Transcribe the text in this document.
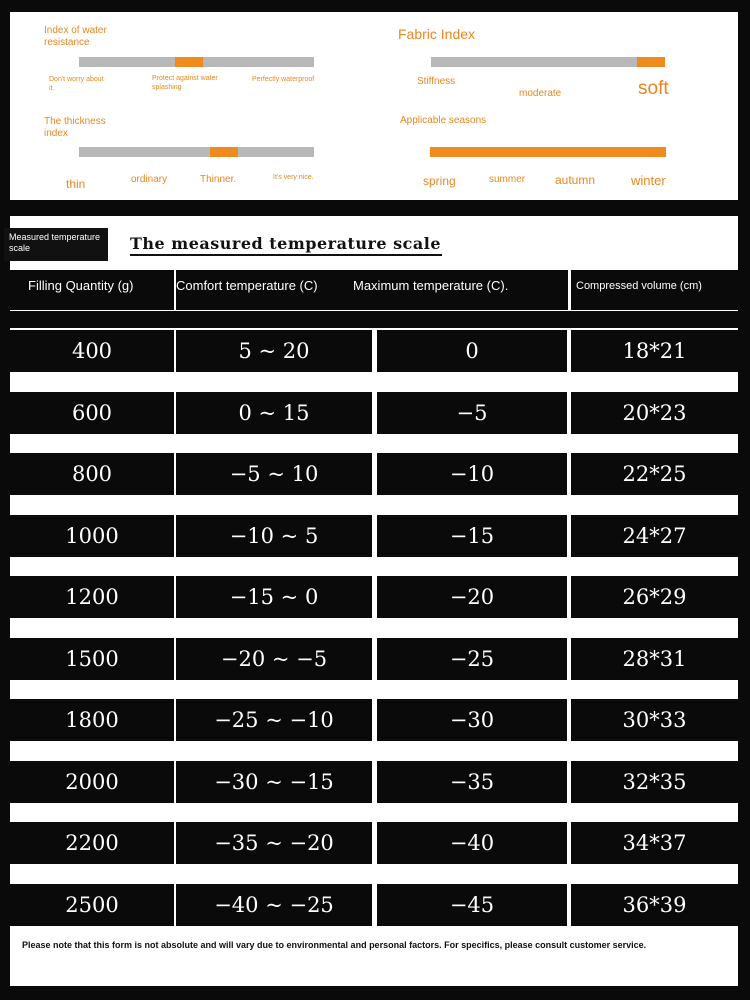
Index of water resistance
Don't worry about it.
Protect against water splashing
Perfectly waterproof
Fabric Index
Stiffness
moderate	soft
The thickness index
thin	ordinary	Thinner.	It's very nice.
Applicable seasons
spring	summer autumn	winter
Measured temperature scale	The measured temperature scale
Filling Quantity (g)	Comfort temperature (C)	Maximum temperature (C).	Compressed volume (cm)
400	5 ~ 20	0	18*21
600	0 ~ 15	−5	20*23
800	−5 ~ 10	−10	22*25
1000	−10 ~ 5	−15	24*27
1200	−15 ~ 0	−20	26*29
1500	−20 ~ −5	−25	28*31
1800	−25 ~ −10	−30	30*33
2000	−30 ~ −15	−35	32*35
2200	−35 ~ −20	−40	34*37
2500	−40 ~ −25	−45	36*39
Please note that this form is not absolute and will vary due to environmental and personal factors. For specifics, please consult customer service.
